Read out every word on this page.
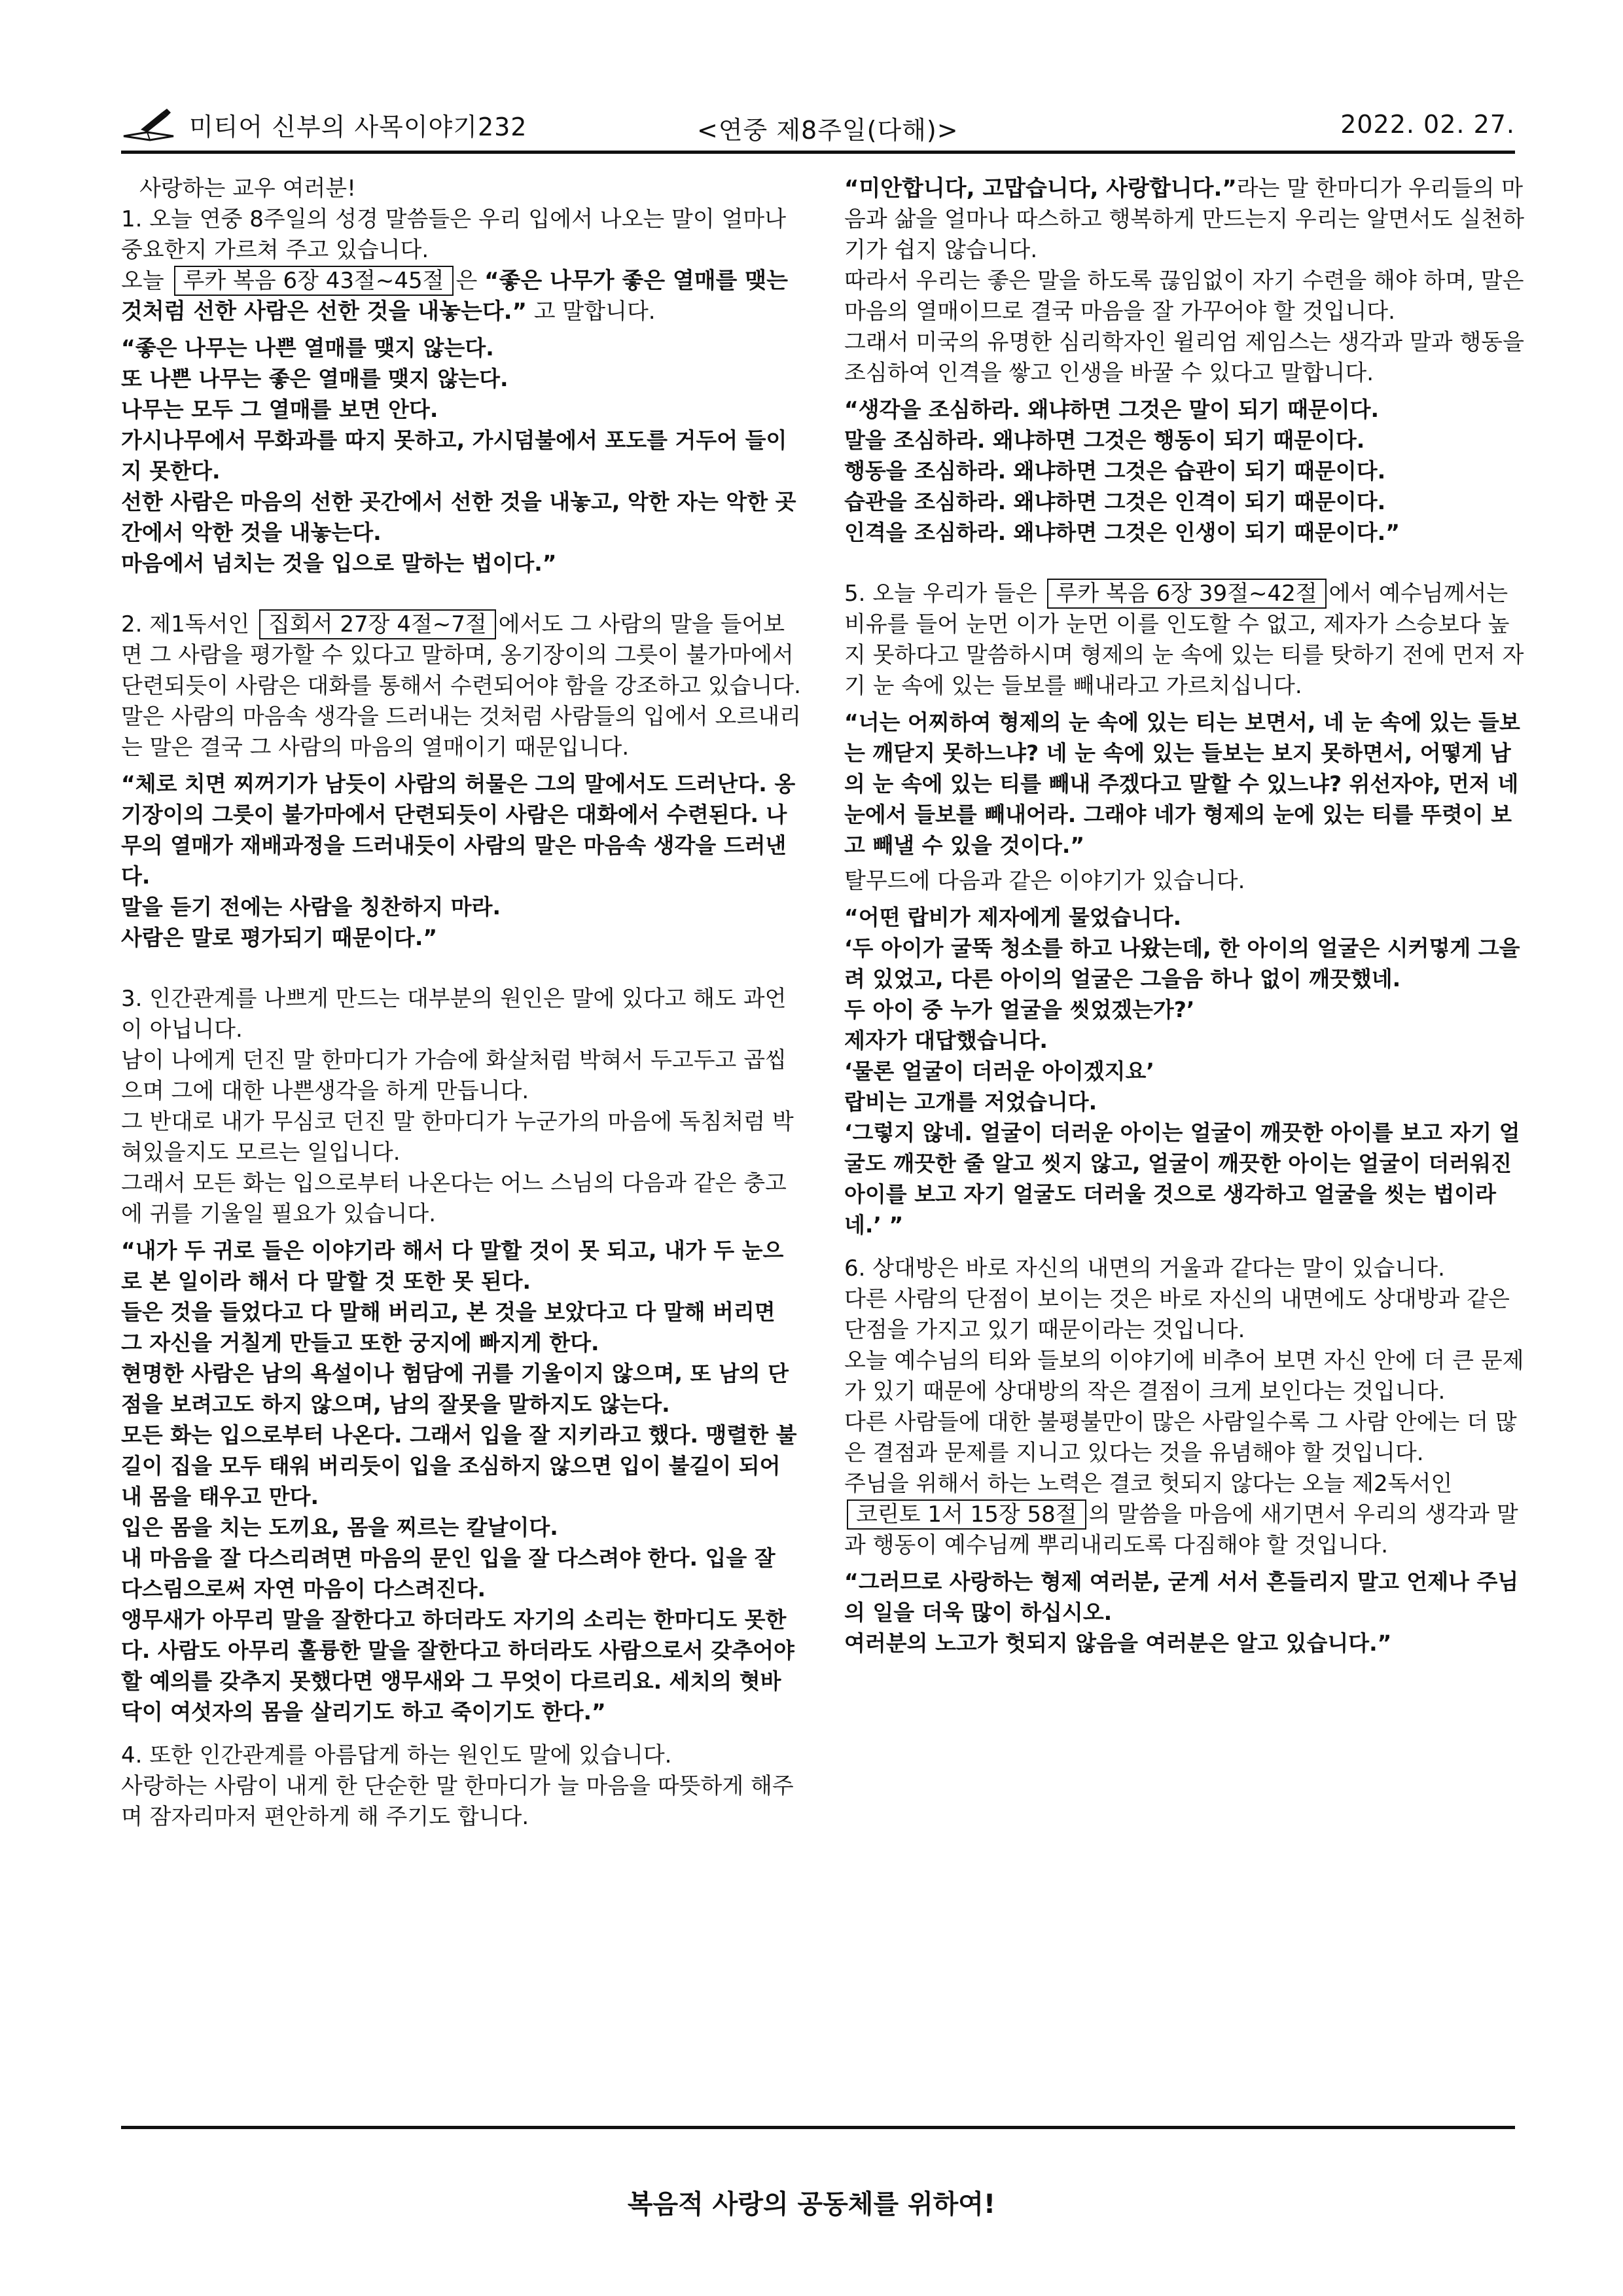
미티어 신부의 사목이야기232	<연중 제8주일(다해)>	2022. 02. 27.

사랑하는 교우 여러분!

1. 오늘 연중 8주일의 성경 말씀들은 우리 입에서 나오는 말이 얼마나 중요한지 가르쳐 주고 있습니다.

오늘 루카 복음 6장 43절~45절 은 “좋은 나무가 좋은 열매를 맺는 것처럼 선한 사람은 선한 것을 내놓는다.” 고 말합니다.

“좋은 나무는 나쁜 열매를 맺지 않는다.
또 나쁜 나무는 좋은 열매를 맺지 않는다.
나무는 모두 그 열매를 보면 안다.
가시나무에서 무화과를 따지 못하고, 가시덤불에서 포도를 거두어 들이지 못한다.
선한 사람은 마음의 선한 곳간에서 선한 것을 내놓고, 악한 자는 악한 곳간에서 악한 것을 내놓는다.
마음에서 넘치는 것을 입으로 말하는 법이다.”

2. 제1독서인 집회서 27장 4절~7절 에서도 그 사람의 말을 들어보면 그 사람을 평가할 수 있다고 말하며, 옹기장이의 그릇이 불가마에서 단련되듯이 사람은 대화를 통해서 수련되어야 함을 강조하고 있습니다.

말은 사람의 마음속 생각을 드러내는 것처럼 사람들의 입에서 오르내리는 말은 결국 그 사람의 마음의 열매이기 때문입니다.

“체로 치면 찌꺼기가 남듯이 사람의 허물은 그의 말에서도 드러난다. 옹기장이의 그릇이 불가마에서 단련되듯이 사람은 대화에서 수련된다. 나무의 열매가 재배과정을 드러내듯이 사람의 말은 마음속 생각을 드러낸다.
말을 듣기 전에는 사람을 칭찬하지 마라.
사람은 말로 평가되기 때문이다.”

3. 인간관계를 나쁘게 만드는 대부분의 원인은 말에 있다고 해도 과언이 아닙니다.

남이 나에게 던진 말 한마디가 가슴에 화살처럼 박혀서 두고두고 곱씹으며 그에 대한 나쁜생각을 하게 만듭니다.

그 반대로 내가 무심코 던진 말 한마디가 누군가의 마음에 독침처럼 박혀있을지도 모르는 일입니다.

그래서 모든 화는 입으로부터 나온다는 어느 스님의 다음과 같은 충고에 귀를 기울일 필요가 있습니다.

“내가 두 귀로 들은 이야기라 해서 다 말할 것이 못 되고, 내가 두 눈으로 본 일이라 해서 다 말할 것 또한 못 된다.
들은 것을 들었다고 다 말해 버리고, 본 것을 보았다고 다 말해 버리면 그 자신을 거칠게 만들고 또한 궁지에 빠지게 한다.
현명한 사람은 남의 욕설이나 험담에 귀를 기울이지 않으며, 또 남의 단점을 보려고도 하지 않으며, 남의 잘못을 말하지도 않는다.
모든 화는 입으로부터 나온다. 그래서 입을 잘 지키라고 했다. 맹렬한 불길이 집을 모두 태워 버리듯이 입을 조심하지 않으면 입이 불길이 되어 내 몸을 태우고 만다.
입은 몸을 치는 도끼요, 몸을 찌르는 칼날이다.
내 마음을 잘 다스리려면 마음의 문인 입을 잘 다스려야 한다. 입을 잘 다스림으로써 자연 마음이 다스려진다.
앵무새가 아무리 말을 잘한다고 하더라도 자기의 소리는 한마디도 못한다. 사람도 아무리 훌륭한 말을 잘한다고 하더라도 사람으로서 갖추어야 할 예의를 갖추지 못했다면 앵무새와 그 무엇이 다르리요. 세치의 혓바닥이 여섯자의 몸을 살리기도 하고 죽이기도 한다.”

4. 또한 인간관계를 아름답게 하는 원인도 말에 있습니다.

사랑하는 사람이 내게 한 단순한 말 한마디가 늘 마음을 따뜻하게 해주며 잠자리마저 편안하게 해 주기도 합니다.

“미안합니다, 고맙습니다, 사랑합니다.”라는 말 한마디가 우리들의 마음과 삶을 얼마나 따스하고 행복하게 만드는지 우리는 알면서도 실천하기가 쉽지 않습니다.

따라서 우리는 좋은 말을 하도록 끊임없이 자기 수련을 해야 하며, 말은 마음의 열매이므로 결국 마음을 잘 가꾸어야 할 것입니다.

그래서 미국의 유명한 심리학자인 윌리엄 제임스는 생각과 말과 행동을 조심하여 인격을 쌓고 인생을 바꿀 수 있다고 말합니다.

“생각을 조심하라. 왜냐하면 그것은 말이 되기 때문이다.
말을 조심하라. 왜냐하면 그것은 행동이 되기 때문이다.
행동을 조심하라. 왜냐하면 그것은 습관이 되기 때문이다.
습관을 조심하라. 왜냐하면 그것은 인격이 되기 때문이다.
인격을 조심하라. 왜냐하면 그것은 인생이 되기 때문이다.”

5. 오늘 우리가 들은 루카 복음 6장 39절~42절 에서 예수님께서는 비유를 들어 눈먼 이가 눈먼 이를 인도할 수 없고, 제자가 스승보다 높지 못하다고 말씀하시며 형제의 눈 속에 있는 티를 탓하기 전에 먼저 자기 눈 속에 있는 들보를 빼내라고 가르치십니다.

“너는 어찌하여 형제의 눈 속에 있는 티는 보면서, 네 눈 속에 있는 들보는 깨닫지 못하느냐? 네 눈 속에 있는 들보는 보지 못하면서, 어떻게 남의 눈 속에 있는 티를 빼내 주겠다고 말할 수 있느냐? 위선자야, 먼저 네 눈에서 들보를 빼내어라. 그래야 네가 형제의 눈에 있는 티를 뚜렷이 보고 빼낼 수 있을 것이다.”

탈무드에 다음과 같은 이야기가 있습니다.

“어떤 랍비가 제자에게 물었습니다.
‘두 아이가 굴뚝 청소를 하고 나왔는데, 한 아이의 얼굴은 시커멓게 그을려 있었고, 다른 아이의 얼굴은 그을음 하나 없이 깨끗했네.
두 아이 중 누가 얼굴을 씻었겠는가?’
제자가 대답했습니다.
‘물론 얼굴이 더러운 아이겠지요’
랍비는 고개를 저었습니다.
‘그렇지 않네. 얼굴이 더러운 아이는 얼굴이 깨끗한 아이를 보고 자기 얼굴도 깨끗한 줄 알고 씻지 않고, 얼굴이 깨끗한 아이는 얼굴이 더러워진 아이를 보고 자기 얼굴도 더러울 것으로 생각하고 얼굴을 씻는 법이라네.’ ”

6. 상대방은 바로 자신의 내면의 거울과 같다는 말이 있습니다.

다른 사람의 단점이 보이는 것은 바로 자신의 내면에도 상대방과 같은 단점을 가지고 있기 때문이라는 것입니다.

오늘 예수님의 티와 들보의 이야기에 비추어 보면 자신 안에 더 큰 문제가 있기 때문에 상대방의 작은 결점이 크게 보인다는 것입니다.

다른 사람들에 대한 불평불만이 많은 사람일수록 그 사람 안에는 더 많은 결점과 문제를 지니고 있다는 것을 유념해야 할 것입니다.

주님을 위해서 하는 노력은 결코 헛되지 않다는 오늘 제2독서인 코린토 1서 15장 58절 의 말씀을 마음에 새기면서 우리의 생각과 말과 행동이 예수님께 뿌리내리도록 다짐해야 할 것입니다.

“그러므로 사랑하는 형제 여러분, 굳게 서서 흔들리지 말고 언제나 주님의 일을 더욱 많이 하십시오.
여러분의 노고가 헛되지 않음을 여러분은 알고 있습니다.”
복음적 사랑의 공동체를 위하여!
